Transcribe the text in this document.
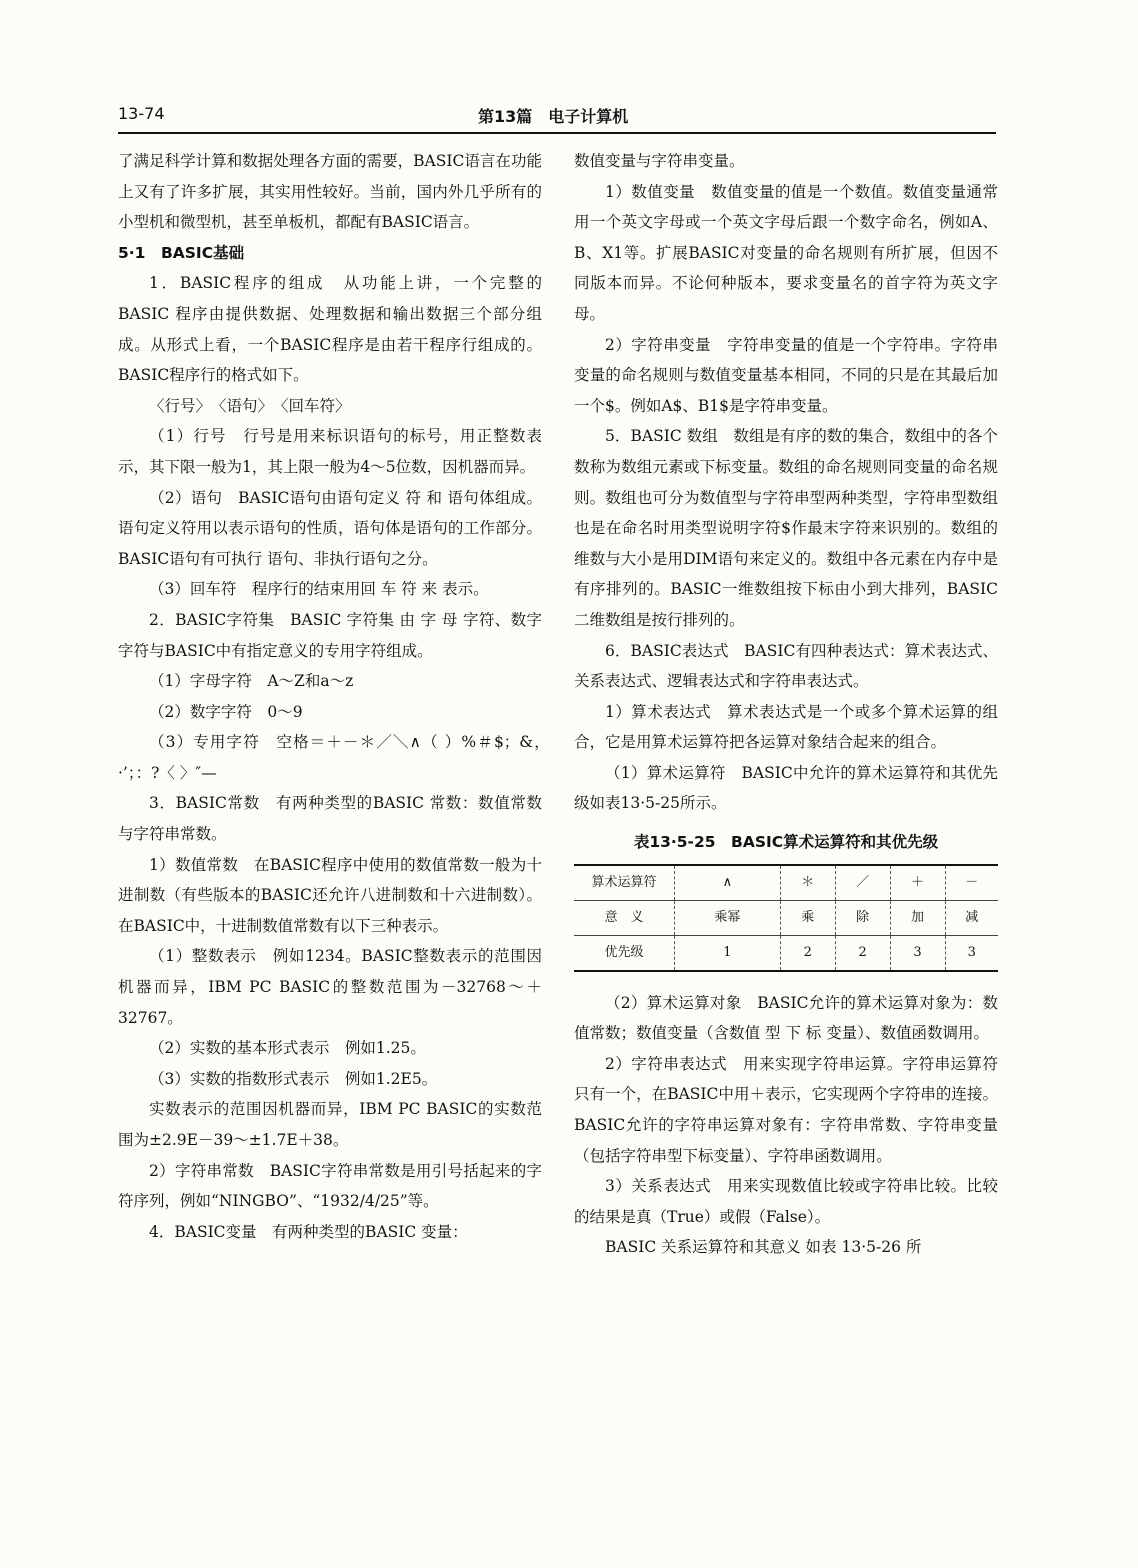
13-74	第13篇　电子计算机

了满足科学计算和数据处理各方面的需要，BASIC语言在功能上又有了许多扩展，其实用性较好。当前，国内外几乎所有的小型机和微型机，甚至单板机，都配有BASIC语言。

5·1　BASIC基础

1．BASIC程序的组成　从功能上讲，一个完整的 BASIC 程序由提供数据、处理数据和输出数据三个部分组成。从形式上看，一个BASIC程序是由若干程序行组成的。BASIC程序行的格式如下。

〈行号〉　〈语句〉　〈回车符〉

（1）行号　行号是用来标识语句的标号，用正整数表示，其下限一般为1，其上限一般为4～5位数，因机器而异。

（2）语句　BASIC语句由语句定义 符 和 语句体组成。语句定义符用以表示语句的性质，语句体是语句的工作部分。BASIC语句有可执行 语句、非执行语句之分。

（3）回车符　程序行的结束用回 车 符 来 表示。

2．BASIC字符集　BASIC 字符集 由 字 母 字符、数字字符与BASIC中有指定意义的专用字符组成。

（1）字母字符　A～Z和a～z

（2）数字字符　0～9

（3）专用字符　空格＝＋－＊／＼∧（ ）%＃$；&，·’；：?〈 〉″—

3．BASIC常数　有两种类型的BASIC 常数：数值常数与字符串常数。

1）数值常数　在BASIC程序中使用的数值常数一般为十进制数（有些版本的BASIC还允许八进制数和十六进制数）。在BASIC中，十进制数值常数有以下三种表示。

（1）整数表示　例如1234。BASIC整数表示的范围因机器而异，IBM PC BASIC的整数范围为－32768～＋32767。

（2）实数的基本形式表示　例如1.25。

（3）实数的指数形式表示　例如1.2E5。

实数表示的范围因机器而异，IBM PC BASIC的实数范围为±2.9E－39～±1.7E＋38。

2）字符串常数　BASIC字符串常数是用引号括起来的字符序列，例如“NINGBO”、“1932/4/25”等。

4．BASIC变量　有两种类型的BASIC 变量：

数值变量与字符串变量。

1）数值变量　数值变量的值是一个数值。数值变量通常用一个英文字母或一个英文字母后跟一个数字命名，例如A、B、X1等。扩展BASIC对变量的命名规则有所扩展，但因不同版本而异。不论何种版本，要求变量名的首字符为英文字母。

2）字符串变量　字符串变量的值是一个字符串。字符串变量的命名规则与数值变量基本相同，不同的只是在其最后加一个$。例如A$、B1$是字符串变量。

5．BASIC 数组　数组是有序的数的集合，数组中的各个数称为数组元素或下标变量。数组的命名规则同变量的命名规则。数组也可分为数值型与字符串型两种类型，字符串型数组也是在命名时用类型说明字符$作最末字符来识别的。数组的维数与大小是用DIM语句来定义的。数组中各元素在内存中是有序排列的。BASIC一维数组按下标由小到大排列，BASIC二维数组是按行排列的。

6．BASIC表达式　BASIC有四种表达式：算术表达式、关系表达式、逻辑表达式和字符串表达式。

1）算术表达式　算术表达式是一个或多个算术运算的组合，它是用算术运算符把各运算对象结合起来的组合。

（1）算术运算符　BASIC中允许的算术运算符和其优先级如表13·5-25所示。

表13·5-25　BASIC算术运算符和其优先级

算术运算符	∧	＊	／	＋	－
意　义	乘幂	乘	除	加	减
优先级	1	2	2	3	3

（2）算术运算对象　BASIC允许的算术运算对象为：数值常数；数值变量（含数值 型 下 标 变量）、数值函数调用。

2）字符串表达式　用来实现字符串运算。字符串运算符只有一个，在BASIC中用＋表示，它实现两个字符串的连接。BASIC允许的字符串运算对象有：字符串常数、字符串变量（包括字符串型下标变量）、字符串函数调用。

3）关系表达式　用来实现数值比较或字符串比较。比较的结果是真（True）或假（False）。

BASIC 关系运算符和其意义 如表 13·5-26 所
